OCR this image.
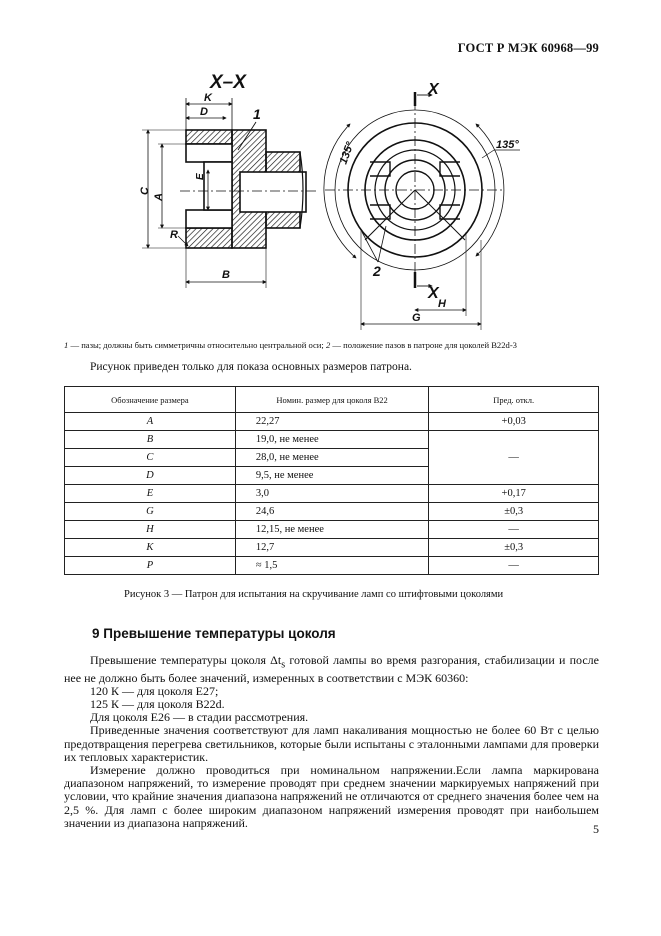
ГОСТ Р МЭК 60968—99
X–X
K
D	1
C
A
E
R
B
X
X
135°	135°
2
H
G
1 — пазы; должны быть симметричны относительно центральной оси; 2 — положение пазов в патроне для цоколей В22d-3
Рисунок приведен только для показа основных размеров патрона.
Обозначение размера	Номин. размер для цоколя В22	Пред. откл.
A	22,27	+0,03
B	19,0, не менее	—
C	28,0, не менее	
D	9,5, не менее	
E	3,0	+0,17
G	24,6	±0,3
H	12,15, не менее	—
K	12,7	±0,3
P	≈ 1,5	—
Рисунок 3 — Патрон для испытания на скручивание ламп со штифтовыми цоколями
9 Превышение температуры цоколя

Превышение температуры цоколя $\Delta t_s$ готовой лампы во время разгорания, стабилизации и после нее не должно быть более значений, измеренных в соответствии с МЭК 60360:

120 К — для цоколя Е27;

125 К — для цоколя В22d.

Для цоколя Е26 — в стадии рассмотрения.

Приведенные значения соответствуют для ламп накаливания мощностью не более 60 Вт с целью предотвращения перегрева светильников, которые были испытаны с эталонными лампами для проверки их тепловых характеристик.

Измерение должно проводиться при номинальном напряжении.Если лампа маркирована диапазоном напряжений, то измерение проводят при среднем значении маркируемых напряжений при условии, что крайние значения диапазона напряжений не отличаются от среднего значения более чем на 2,5 %. Для ламп с более широким диапазоном напряжений измерения проводят при наибольшем значении из диапазона напряжений.	5
